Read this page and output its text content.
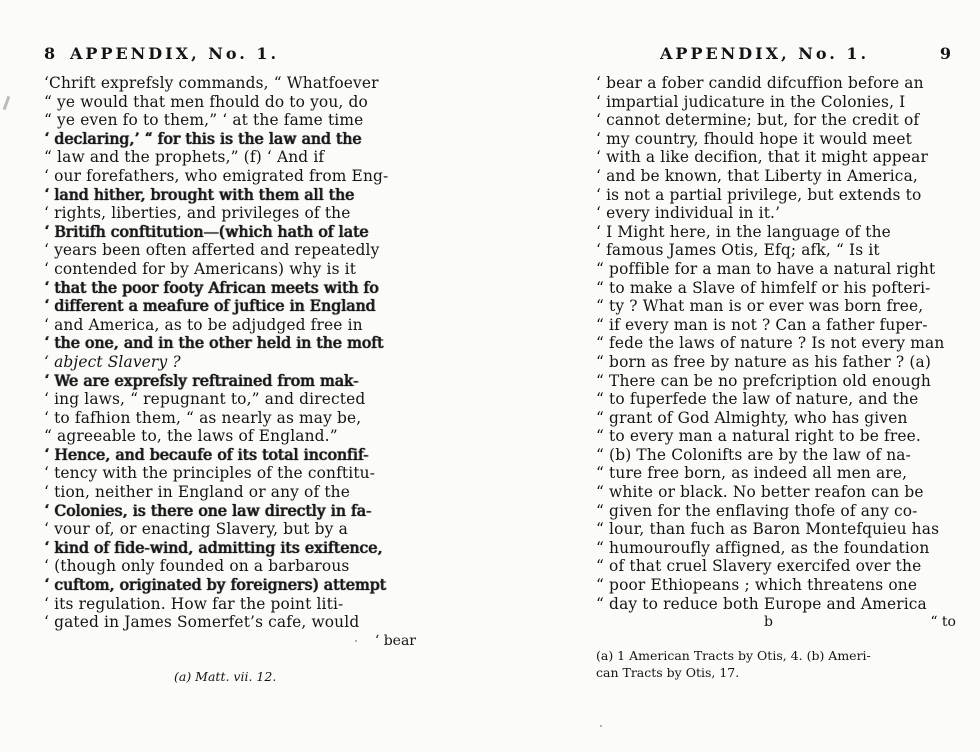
8 APPENDIX, No. 1.
‘Chrift exprefsly commands, “ Whatfoever
“ ye would that men fhould do to you, do
“ ye even fo to them,” ‘ at the fame time
‘ declaring,’ “ for this is the law and the
“ law and the prophets,” (f) ‘ And if
‘ our forefathers, who emigrated from Eng-
‘ land hither, brought with them all the
‘ rights, liberties, and privileges of the
‘ Britifh conftitution—(which hath of late
‘ years been often afferted and repeatedly
‘ contended for by Americans) why is it
‘ that the poor footy African meets with fo
‘ different a meafure of juftice in England
‘ and America, as to be adjudged free in
‘ the one, and in the other held in the moft
‘ abject Slavery ?
‘ We are exprefsly reftrained from mak-
‘ ing laws, “ repugnant to,” and directed
‘ to fafhion them, “ as nearly as may be,
“ agreeable to, the laws of England.”
‘ Hence, and becaufe of its total inconfif-
‘ tency with the principles of the conftitu-
‘ tion, neither in England or any of the
‘ Colonies, is there one law directly in fa-
‘ vour of, or enacting Slavery, but by a
‘ kind of fide-wind, admitting its exiftence,
‘ (though only founded on a barbarous
‘ cuftom, originated by foreigners) attempt
‘ its regulation. How far the point liti-
‘ gated in James Somerfet’s cafe, would
‘ bear
(a) Matt. vii. 12.
APPENDIX, No. 1.	9
‘ bear a fober candid difcuffion before an
‘ impartial judicature in the Colonies, I
‘ cannot determine; but, for the credit of
‘ my country, fhould hope it would meet
‘ with a like decifion, that it might appear
‘ and be known, that Liberty in America,
‘ is not a partial privilege, but extends to
‘ every individual in it.’
‘ I Might here, in the language of the
‘ famous James Otis, Efq; afk, “ Is it
“ poffible for a man to have a natural right
“ to make a Slave of himfelf or his pofteri-
“ ty ? What man is or ever was born free,
“ if every man is not ? Can a father fuper-
“ fede the laws of nature ? Is not every man
“ born as free by nature as his father ? (a)
“ There can be no prefcription old enough
“ to fuperfede the law of nature, and the
“ grant of God Almighty, who has given
“ to every man a natural right to be free.
“ (b) The Colonifts are by the law of na-
“ ture free born, as indeed all men are,
“ white or black. No better reafon can be
“ given for the enflaving thofe of any co-
“ lour, than fuch as Baron Montefquieu has
“ humouroufly affigned, as the foundation
“ of that cruel Slavery exercifed over the
“ poor Ethiopeans ; which threatens one
“ day to reduce both Europe and America
b	“ to
(a) 1 American Tracts by Otis, 4. (b) Ameri-
can Tracts by Otis, 17.
